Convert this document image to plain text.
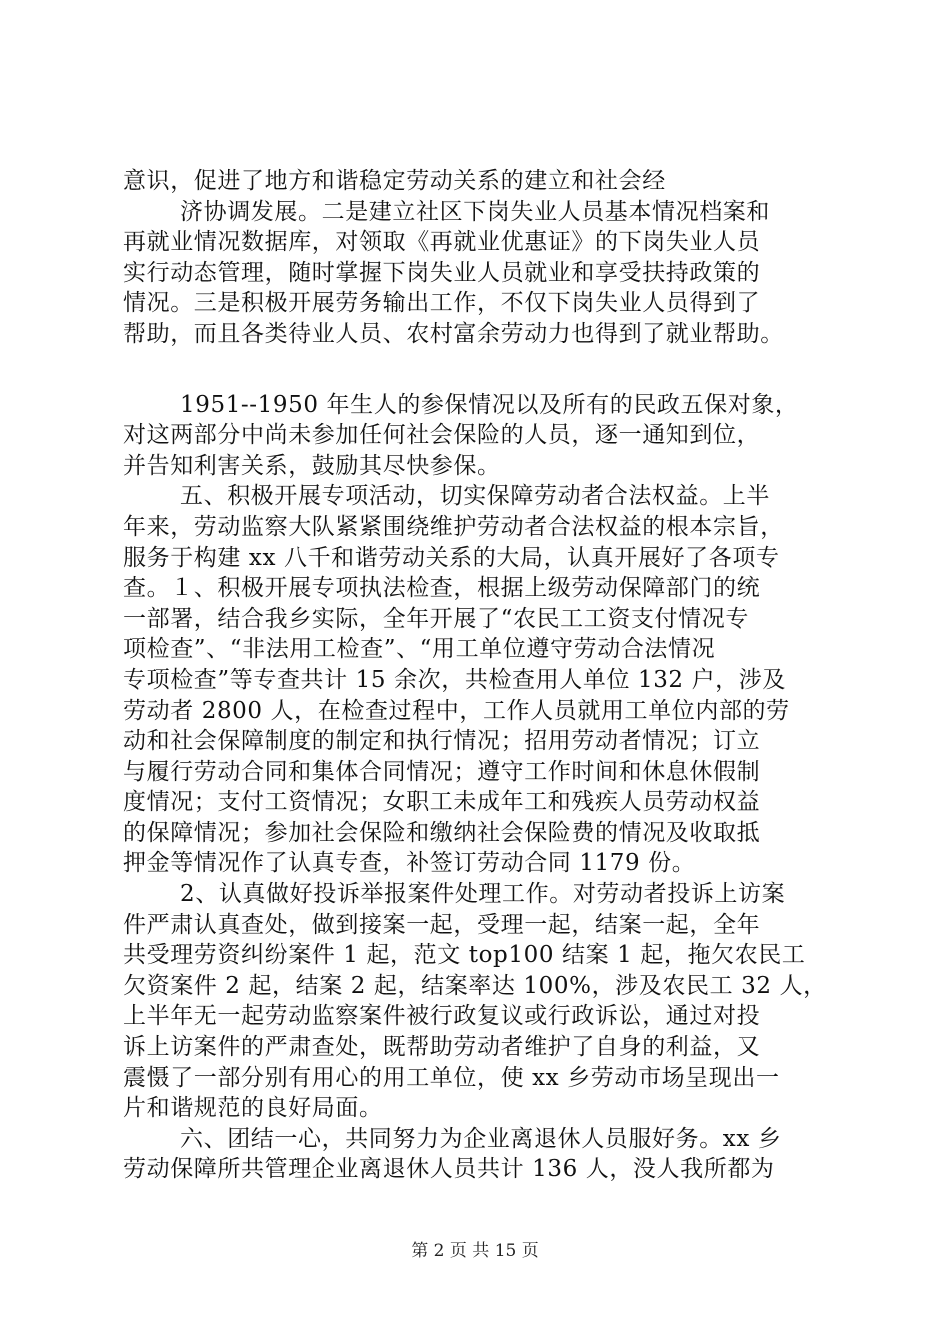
意识，促进了地方和谐稳定劳动关系的建立和社会经
济协调发展。二是建立社区下岗失业人员基本情况档案和
再就业情况数据库，对领取《再就业优惠证》的下岗失业人员
实行动态管理，随时掌握下岗失业人员就业和享受扶持政策的
情况。三是积极开展劳务输出工作，不仅下岗失业人员得到了
帮助，而且各类待业人员、农村富余劳动力也得到了就业帮助。
1951--1950 年生人的参保情况以及所有的民政五保对象，
对这两部分中尚未参加任何社会保险的人员，逐一通知到位，
并告知利害关系，鼓励其尽快参保。
五、积极开展专项活动，切实保障劳动者合法权益。上半
年来，劳动监察大队紧紧围绕维护劳动者合法权益的根本宗旨，
服务于构建 xx 八千和谐劳动关系的大局，认真开展好了各项专
查。１、积极开展专项执法检查，根据上级劳动保障部门的统
一部署，结合我乡实际，全年开展了“农民工工资支付情况专
项检查”、“非法用工检查”、“用工单位遵守劳动合法情况
专项检查”等专查共计 15 余次，共检查用人单位 132 户，涉及
劳动者 2800 人，在检查过程中，工作人员就用工单位内部的劳
动和社会保障制度的制定和执行情况；招用劳动者情况；订立
与履行劳动合同和集体合同情况；遵守工作时间和休息休假制
度情况；支付工资情况；女职工未成年工和残疾人员劳动权益
的保障情况；参加社会保险和缴纳社会保险费的情况及收取抵
押金等情况作了认真专查，补签订劳动合同 1179 份。
2、认真做好投诉举报案件处理工作。对劳动者投诉上访案
件严肃认真查处，做到接案一起，受理一起，结案一起，全年
共受理劳资纠纷案件 1 起，范文 top100 结案 1 起，拖欠农民工
欠资案件 2 起，结案 2 起，结案率达 100%，涉及农民工 32 人，
上半年无一起劳动监察案件被行政复议或行政诉讼，通过对投
诉上访案件的严肃查处，既帮助劳动者维护了自身的利益，又
震慑了一部分别有用心的用工单位，使 xx 乡劳动市场呈现出一
片和谐规范的良好局面。
六、团结一心，共同努力为企业离退休人员服好务。xx 乡
劳动保障所共管理企业离退休人员共计 136 人，没人我所都为
第 2 页 共 15 页
